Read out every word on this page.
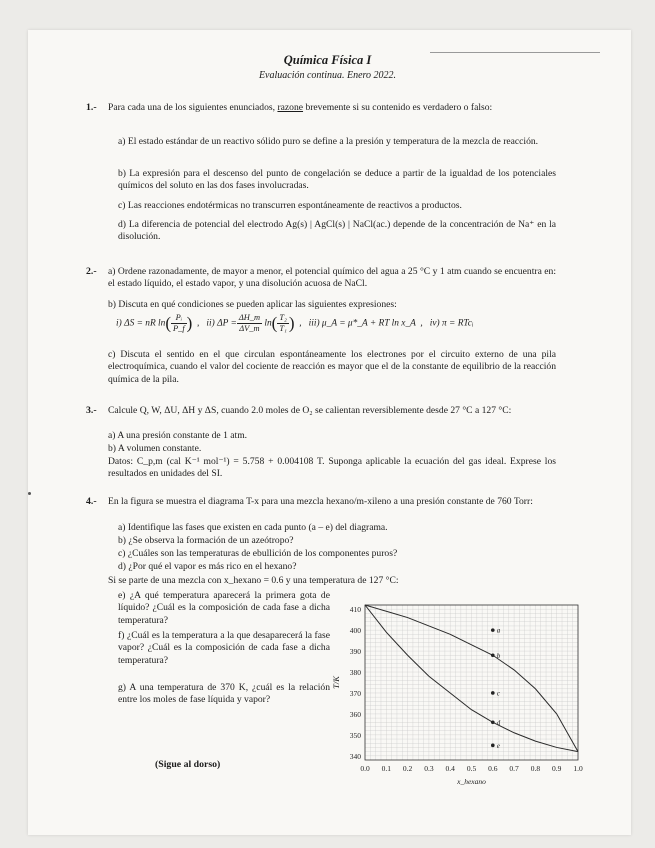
Química Física I
Evaluación continua. Enero 2022.
1.- Para cada una de los siguientes enunciados, razone brevemente si su contenido es verdadero o falso:
a) El estado estándar de un reactivo sólido puro se define a la presión y temperatura de la mezcla de reacción.
b) La expresión para el descenso del punto de congelación se deduce a partir de la igualdad de los potenciales químicos del soluto en las dos fases involucradas.
c) Las reacciones endotérmicas no transcurren espontáneamente de reactivos a productos.
d) La diferencia de potencial del electrodo Ag(s) | AgCl(s) | NaCl(ac.) depende de la concentración de Na⁺ en la disolución.
2.- a) Ordene razonadamente, de mayor a menor, el potencial químico del agua a 25 °C y 1 atm cuando se encuentra en: el estado líquido, el estado vapor, y una disolución acuosa de NaCl.
b) Discuta en qué condiciones se pueden aplicar las siguientes expresiones:
i) ΔS = nR $\ln( \frac{\text{Pᵢ}}{P\_f}$ )  ,   ii) $\Delta P = \frac{\Delta H\_m}{\Delta V\_m} \ln( \frac{\text{T₂}}{\text{T₁}}$ )  ,   iii) μ_A = μ*_A + RT ln x_A  ,   iv) π = RTcᵢ
c) Discuta el sentido en el que circulan espontáneamente los electrones por el circuito externo de una pila electroquímica, cuando el valor del cociente de reacción es mayor que el de la constante de equilibrio de la reacción química de la pila.
3.- Calcule Q, W, ΔU, ΔH y ΔS, cuando 2.0 moles de O₂ se calientan reversiblemente desde 27 °C a 127 °C:
a) A una presión constante de 1 atm.
b) A volumen constante.
Datos: C_p,m (cal K⁻¹ mol⁻¹) = 5.758 + 0.004108 T. Suponga aplicable la ecuación del gas ideal. Exprese los resultados en unidades del SI.
4.- En la figura se muestra el diagrama T-x para una mezcla hexano/m-xileno a una presión constante de 760 Torr:
a) Identifique las fases que existen en cada punto (a – e) del diagrama.
b) ¿Se observa la formación de un azeótropo?
c) ¿Cuáles son las temperaturas de ebullición de los componentes puros?
d) ¿Por qué el vapor es más rico en el hexano?
Si se parte de una mezcla con x_hexano = 0.6 y una temperatura de 127 °C:
e) ¿A qué temperatura aparecerá la primera gota de líquido? ¿Cuál es la composición de cada fase a dicha temperatura?
f) ¿Cuál es la temperatura a la que desaparecerá la fase vapor? ¿Cuál es la composición de cada fase a dicha temperatura?
g) A una temperatura de 370 K, ¿cuál es la relación entre los moles de fase líquida y vapor?
(Sigue al dorso)	0.0 0.1 0.2 0.3 0.4 0.5 0.6 0.7 0.8 0.9 1.0
340
350
360
370
380
390
400
410
T/K
x_hexano
a
b
c
d
e
